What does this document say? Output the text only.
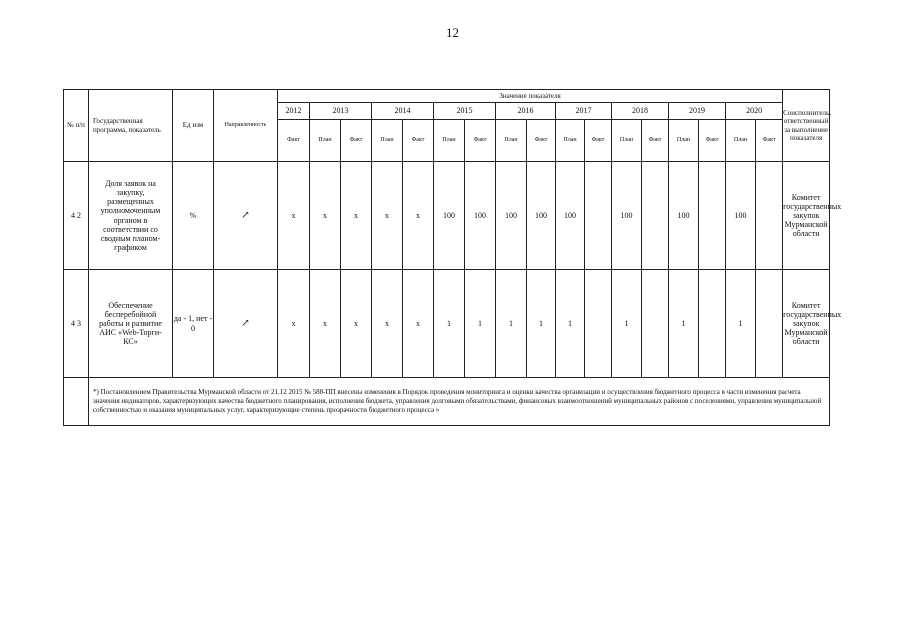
12
№ п/п	Государственная программа, показатель	Ед изм	Направленность	Значение показателя																	Соисполнитель, ответственный за выполнение показателя
				2012	2013		2014		2015		2016		2017		2018		2019		2020		
				Факт	План	Факт	План	Факт	План	Факт	План	Факт	План	Факт	План	Факт	План	Факт	План	Факт	
4 2	Доля заявок на закупку, размещенных уполномоченным органом в соответствии со сводным планом-графиком	%	↗	x	x	x	x	x	100	100	100	100	100		100		100		100		Комитет государственных закупок Мурманской области
4 3	Обеспечение бесперебойной работы и развитие АИС «Web-Торги-КС»	да - 1, нет - 0	↗	x	x	x	x	x	1	1	1	1	1		1		1		1		Комитет государственных закупок Мурманской области
	*) Постановлением Правительства Мурманской области от 21.12 2015 № 588-ПП внесены изменения в Порядок проведения мониторинга и оценки качества организации и осуществления бюджетного процесса в части изменения расчета значения индикаторов, характеризующих качества бюджетного планирования, исполнения бюджета, управления долговыми обязательствами, финансовых взаимоотношений муниципальных районов с поселениями, управления муниципальной собственностью и оказания муниципальных услуг, характеризующие степень прозрачности бюджетного процесса »																				
